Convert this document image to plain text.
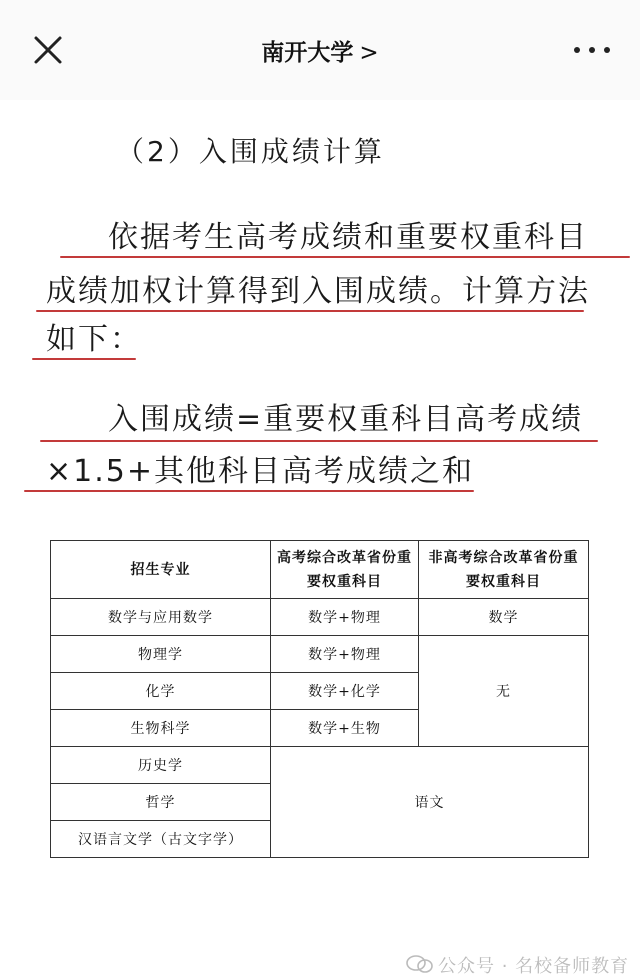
南开大学 >
（2）入围成绩计算
依据考生高考成绩和重要权重科目
成绩加权计算得到入围成绩。计算方法
如下：
入围成绩=重要权重科目高考成绩
×1.5+其他科目高考成绩之和
招生专业	高考综合改革省份重要权重科目	非高考综合改革省份重要权重科目
数学与应用数学	数学+物理	数学
物理学	数学+物理	无
化学	数学+化学	
生物科学	数学+生物	
历史学	语文	
哲学		
汉语言文学（古文字学）		
公众号 · 名校备师教育
